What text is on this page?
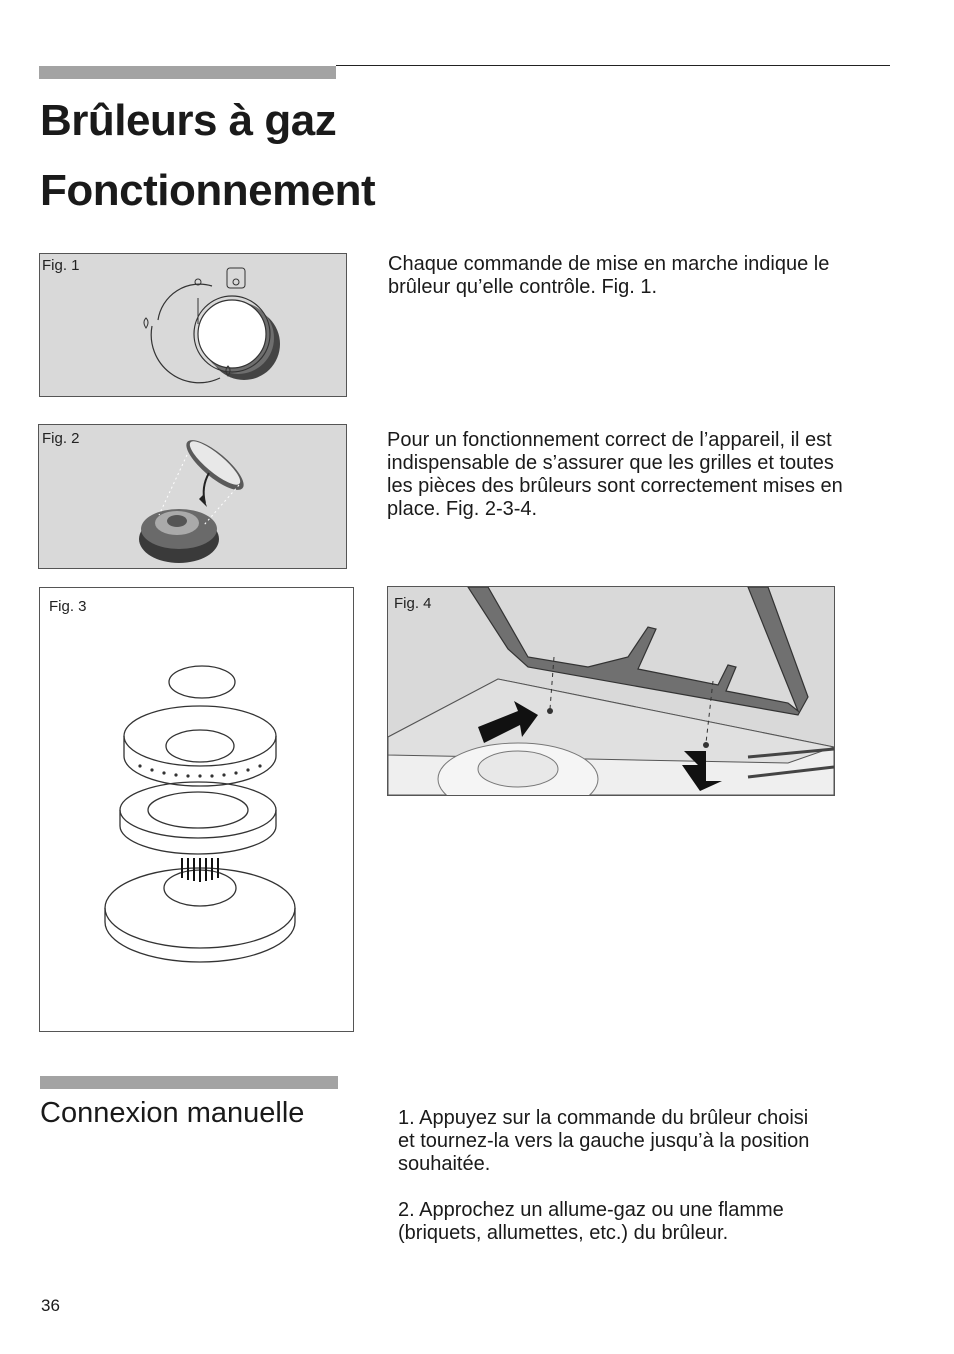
Brûleurs à gaz
Fonctionnement
Fig. 1	Chaque commande de mise en marche indique le
brûleur qu’elle contrôle. Fig. 1.
Fig. 2	Pour un fonctionnement correct de l’appareil, il est
indispensable de s’assurer que les grilles et toutes
les pièces des brûleurs sont correctement mises en
place. Fig. 2-3-4.
Fig. 3	Fig. 4
Connexion manuelle	1. Appuyez sur la commande du brûleur choisi
et tournez-la vers la gauche jusqu’à la position
souhaitée.
2. Approchez un allume-gaz ou une flamme
(briquets, allumettes, etc.) du brûleur.
36
